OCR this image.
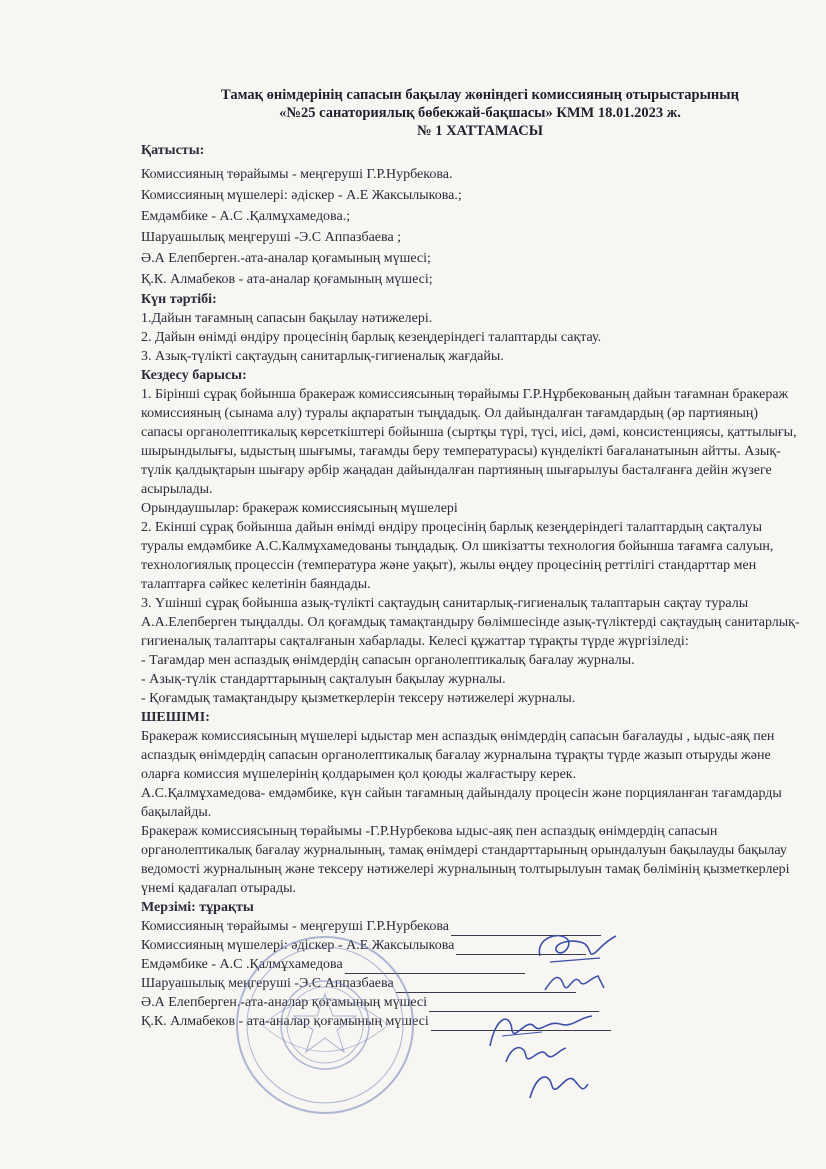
Тамақ өнімдерінің сапасын бақылау жөніндегі комиссияның отырыстарының
«№25 санаториялық бөбекжай-бақшасы» КММ 18.01.2023 ж.
№ 1 ХАТТАМАСЫ

Қатысты:

Комиссияның төрайымы - меңгеруші Г.Р.Нурбекова.

Комиссияның мүшелері: әдіскер - А.Е Жаксылыкова.;

Емдәмбике - А.С .Қалмұхамедова.;

Шаруашылық меңгеруші -Э.С Аппазбаева ;

Ә.А Елепберген.-ата-аналар қоғамының мүшесі;

Қ.К. Алмабеков - ата-аналар қоғамының мүшесі;

Күн тәртібі:

1.Дайын тағамның сапасын бақылау нәтижелері.

2. Дайын өнімді өндіру процесінің барлық кезеңдеріндегі талаптарды сақтау.

3. Азық-түлікті сақтаудың санитарлық-гигиеналық жағдайы.

Кездесу барысы:

1. Бірінші сұрақ бойынша бракераж комиссиясының төрайымы Г.Р.Нұрбекованың дайын тағамнан бракераж комиссияның (сынама алу) туралы ақпаратын тыңдадық. Ол дайындалған тағамдардың (әр партияның) сапасы органолептикалық көрсеткіштері бойынша (сыртқы түрі, түсі, иісі, дәмі, консистенциясы, қаттылығы, шырындылығы, ыдыстың шығымы, тағамды беру температурасы) күнделікті бағаланатынын айтты. Азық-түлік қалдықтарын шығару әрбір жаңадан дайындалған партияның шығарылуы басталғанға дейін жүзеге асырылады.

Орындаушылар: бракераж комиссиясының мүшелері

2. Екінші сұрақ бойынша дайын өнімді өндіру процесінің барлық кезеңдеріндегі талаптардың сақталуы туралы емдәмбике А.С.Калмұхамедованы тыңдадық. Ол шикізатты технология бойынша тағамға салуын, технологиялық процессін (температура және уақыт), жылы өңдеу процесінің реттілігі стандарттар мен талаптарға сәйкес келетінін баяндады.

3. Үшінші сұрақ бойынша азық-түлікті сақтаудың санитарлық-гигиеналық талаптарын сақтау туралы А.А.Елепберген тыңдалды. Ол қоғамдық тамақтандыру бөлімшесінде азық-түліктерді сақтаудың санитарлық-гигиеналық талаптары сақталғанын хабарлады. Келесі құжаттар тұрақты түрде жүргізіледі:

- Тағамдар мен аспаздық өнімдердің сапасын органолептикалық бағалау журналы.

- Азық-түлік стандарттарының сақталуын бақылау журналы.

- Қоғамдық тамақтандыру қызметкерлерін тексеру нәтижелері журналы.

ШЕШІМІ:

Бракераж комиссиясының мүшелері ыдыстар мен аспаздық өнімдердің сапасын бағалауды , ыдыс-аяқ пен аспаздық өнімдердің сапасын органолептикалық бағалау журналына тұрақты түрде жазып отыруды және оларға комиссия мүшелерінің қолдарымен қол қоюды жалғастыру керек.

А.С.Қалмұхамедова- емдәмбике, күн сайын тағамның дайындалу процесін және порцияланған тағамдарды бақылайды.

Бракераж комиссиясының төрайымы -Г.Р.Нурбекова ыдыс-аяқ пен аспаздық өнімдердің сапасын органолептикалық бағалау журналының, тамақ өнімдері стандарттарының орындалуын бақылауды бақылау ведомості журналының және тексеру нәтижелері журналының толтырылуын тамақ бөлімінің қызметкерлері үнемі қадағалап отырады.

Мерзімі: тұрақты

Комиссияның төрайымы - меңгеруші Г.Р.Нурбекова
Комиссияның мүшелері: әдіскер - А.Е Жаксылыкова
Емдәмбике - А.С .Қалмұхамедова
Шаруашылық меңгеруші -Э.С Аппазбаева
Ә.А Елепберген.-ата-аналар қоғамының мүшесі
Қ.К. Алмабеков - ата-аналар қоғамының мүшесі
